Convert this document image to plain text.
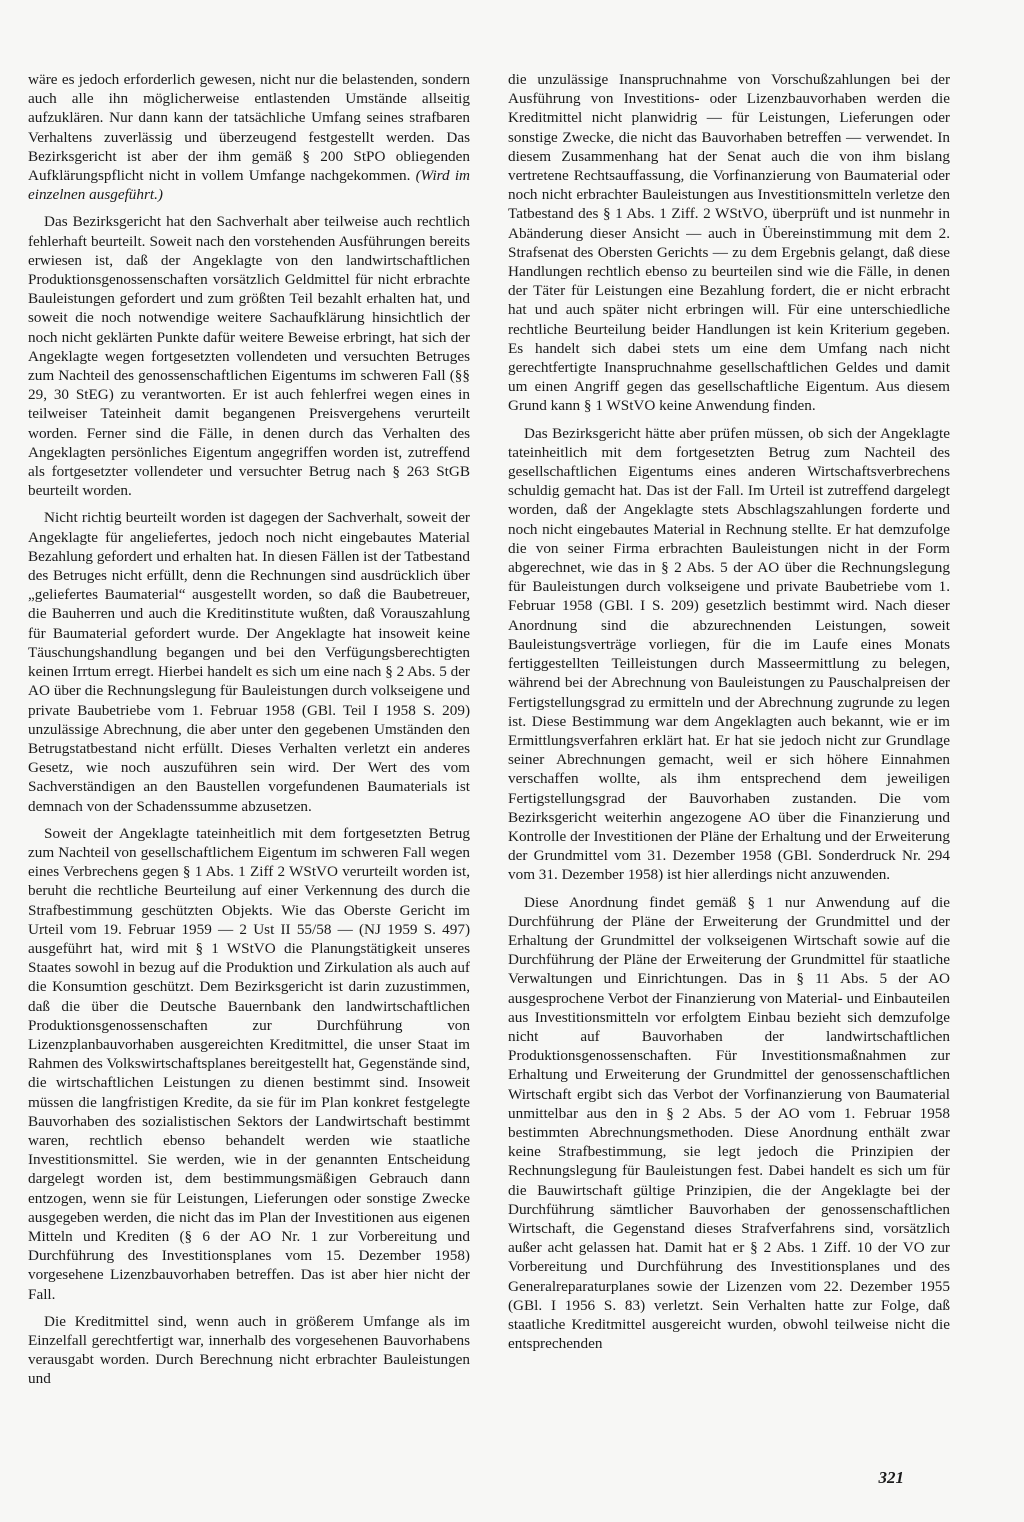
wäre es jedoch erforderlich gewesen, nicht nur die belastenden, sondern auch alle ihn möglicherweise entlastenden Umstände allseitig aufzuklären. Nur dann kann der tatsächliche Umfang seines strafbaren Verhaltens zuverlässig und überzeugend festgestellt werden. Das Bezirksgericht ist aber der ihm gemäß § 200 StPO obliegenden Aufklärungspflicht nicht in vollem Umfange nachgekommen. (Wird im einzelnen ausgeführt.)

Das Bezirksgericht hat den Sachverhalt aber teilweise auch rechtlich fehlerhaft beurteilt. Soweit nach den vorstehenden Ausführungen bereits erwiesen ist, daß der Angeklagte von den landwirtschaftlichen Produktionsgenossenschaften vorsätzlich Geldmittel für nicht erbrachte Bauleistungen gefordert und zum größten Teil bezahlt erhalten hat, und soweit die noch notwendige weitere Sachaufklärung hinsichtlich der noch nicht geklärten Punkte dafür weitere Beweise erbringt, hat sich der Angeklagte wegen fortgesetzten vollendeten und versuchten Betruges zum Nachteil des genossenschaftlichen Eigentums im schweren Fall (§§ 29, 30 StEG) zu verantworten. Er ist auch fehlerfrei wegen eines in teilweiser Tateinheit damit begangenen Preisvergehens verurteilt worden. Ferner sind die Fälle, in denen durch das Verhalten des Angeklagten persönliches Eigentum angegriffen worden ist, zutreffend als fortgesetzter vollendeter und versuchter Betrug nach § 263 StGB beurteilt worden.

Nicht richtig beurteilt worden ist dagegen der Sachverhalt, soweit der Angeklagte für angeliefertes, jedoch noch nicht eingebautes Material Bezahlung gefordert und erhalten hat. In diesen Fällen ist der Tatbestand des Betruges nicht erfüllt, denn die Rechnungen sind ausdrücklich über „geliefertes Baumaterial“ ausgestellt worden, so daß die Baubetreuer, die Bauherren und auch die Kreditinstitute wußten, daß Vorauszahlung für Baumaterial gefordert wurde. Der Angeklagte hat insoweit keine Täuschungshandlung begangen und bei den Verfügungsberechtigten keinen Irrtum erregt. Hierbei handelt es sich um eine nach § 2 Abs. 5 der AO über die Rechnungslegung für Bauleistungen durch volkseigene und private Baubetriebe vom 1. Februar 1958 (GBl. Teil I 1958 S. 209) unzulässige Abrechnung, die aber unter den gegebenen Umständen den Betrugstatbestand nicht erfüllt. Dieses Verhalten verletzt ein anderes Gesetz, wie noch auszuführen sein wird. Der Wert des vom Sachverständigen an den Baustellen vorgefundenen Baumaterials ist demnach von der Schadenssumme abzusetzen.

Soweit der Angeklagte tateinheitlich mit dem fortgesetzten Betrug zum Nachteil von gesellschaftlichem Eigentum im schweren Fall wegen eines Verbrechens gegen § 1 Abs. 1 Ziff 2 WStVO verurteilt worden ist, beruht die rechtliche Beurteilung auf einer Verkennung des durch die Strafbestimmung geschützten Objekts. Wie das Oberste Gericht im Urteil vom 19. Februar 1959 — 2 Ust II 55/58 — (NJ 1959 S. 497) ausgeführt hat, wird mit § 1 WStVO die Planungstätigkeit unseres Staates sowohl in bezug auf die Produktion und Zirkulation als auch auf die Konsumtion geschützt. Dem Bezirksgericht ist darin zuzustimmen, daß die über die Deutsche Bauernbank den landwirtschaftlichen Produktionsgenossenschaften zur Durchführung von Lizenzplanbauvorhaben ausgereichten Kreditmittel, die unser Staat im Rahmen des Volkswirtschaftsplanes bereitgestellt hat, Gegenstände sind, die wirtschaftlichen Leistungen zu dienen bestimmt sind. Insoweit müssen die langfristigen Kredite, da sie für im Plan konkret festgelegte Bauvorhaben des sozialistischen Sektors der Landwirtschaft bestimmt waren, rechtlich ebenso behandelt werden wie staatliche Investitionsmittel. Sie werden, wie in der genannten Entscheidung dargelegt worden ist, dem bestimmungsmäßigen Gebrauch dann entzogen, wenn sie für Leistungen, Lieferungen oder sonstige Zwecke ausgegeben werden, die nicht das im Plan der Investitionen aus eigenen Mitteln und Krediten (§ 6 der AO Nr. 1 zur Vorbereitung und Durchführung des Investitionsplanes vom 15. Dezember 1958) vorgesehene Lizenzbauvorhaben betreffen. Das ist aber hier nicht der Fall.

Die Kreditmittel sind, wenn auch in größerem Umfange als im Einzelfall gerechtfertigt war, innerhalb des vorgesehenen Bauvorhabens verausgabt worden. Durch Berechnung nicht erbrachter Bauleistungen und

die unzulässige Inanspruchnahme von Vorschußzahlungen bei der Ausführung von Investitions- oder Lizenzbauvorhaben werden die Kreditmittel nicht planwidrig — für Leistungen, Lieferungen oder sonstige Zwecke, die nicht das Bauvorhaben betreffen — verwendet. In diesem Zusammenhang hat der Senat auch die von ihm bislang vertretene Rechtsauffassung, die Vorfinanzierung von Baumaterial oder noch nicht erbrachter Bauleistungen aus Investitionsmitteln verletze den Tatbestand des § 1 Abs. 1 Ziff. 2 WStVO, überprüft und ist nunmehr in Abänderung dieser Ansicht — auch in Übereinstimmung mit dem 2. Strafsenat des Obersten Gerichts — zu dem Ergebnis gelangt, daß diese Handlungen rechtlich ebenso zu beurteilen sind wie die Fälle, in denen der Täter für Leistungen eine Bezahlung fordert, die er nicht erbracht hat und auch später nicht erbringen will. Für eine unterschiedliche rechtliche Beurteilung beider Handlungen ist kein Kriterium gegeben. Es handelt sich dabei stets um eine dem Umfang nach nicht gerechtfertigte Inanspruchnahme gesellschaftlichen Geldes und damit um einen Angriff gegen das gesellschaftliche Eigentum. Aus diesem Grund kann § 1 WStVO keine Anwendung finden.

Das Bezirksgericht hätte aber prüfen müssen, ob sich der Angeklagte tateinheitlich mit dem fortgesetzten Betrug zum Nachteil des gesellschaftlichen Eigentums eines anderen Wirtschaftsverbrechens schuldig gemacht hat. Das ist der Fall. Im Urteil ist zutreffend dargelegt worden, daß der Angeklagte stets Abschlagszahlungen forderte und noch nicht eingebautes Material in Rechnung stellte. Er hat demzufolge die von seiner Firma erbrachten Bauleistungen nicht in der Form abgerechnet, wie das in § 2 Abs. 5 der AO über die Rechnungslegung für Bauleistungen durch volkseigene und private Baubetriebe vom 1. Februar 1958 (GBl. I S. 209) gesetzlich bestimmt wird. Nach dieser Anordnung sind die abzurechnenden Leistungen, soweit Bauleistungsverträge vorliegen, für die im Laufe eines Monats fertiggestellten Teilleistungen durch Masseermittlung zu belegen, während bei der Abrechnung von Bauleistungen zu Pauschalpreisen der Fertigstellungsgrad zu ermitteln und der Abrechnung zugrunde zu legen ist. Diese Bestimmung war dem Angeklagten auch bekannt, wie er im Ermittlungsverfahren erklärt hat. Er hat sie jedoch nicht zur Grundlage seiner Abrechnungen gemacht, weil er sich höhere Einnahmen verschaffen wollte, als ihm entsprechend dem jeweiligen Fertigstellungsgrad der Bauvorhaben zustanden. Die vom Bezirksgericht weiterhin angezogene AO über die Finanzierung und Kontrolle der Investitionen der Pläne der Erhaltung und der Erweiterung der Grundmittel vom 31. Dezember 1958 (GBl. Sonderdruck Nr. 294 vom 31. Dezember 1958) ist hier allerdings nicht anzuwenden.

Diese Anordnung findet gemäß § 1 nur Anwendung auf die Durchführung der Pläne der Erweiterung der Grundmittel und der Erhaltung der Grundmittel der volkseigenen Wirtschaft sowie auf die Durchführung der Pläne der Erweiterung der Grundmittel für staatliche Verwaltungen und Einrichtungen. Das in § 11 Abs. 5 der AO ausgesprochene Verbot der Finanzierung von Material- und Einbauteilen aus Investitionsmitteln vor erfolgtem Einbau bezieht sich demzufolge nicht auf Bauvorhaben der landwirtschaftlichen Produktionsgenossenschaften. Für Investitionsmaßnahmen zur Erhaltung und Erweiterung der Grundmittel der genossenschaftlichen Wirtschaft ergibt sich das Verbot der Vorfinanzierung von Baumaterial unmittelbar aus den in § 2 Abs. 5 der AO vom 1. Februar 1958 bestimmten Abrechnungsmethoden. Diese Anordnung enthält zwar keine Strafbestimmung, sie legt jedoch die Prinzipien der Rechnungslegung für Bauleistungen fest. Dabei handelt es sich um für die Bauwirtschaft gültige Prinzipien, die der Angeklagte bei der Durchführung sämtlicher Bauvorhaben der genossenschaftlichen Wirtschaft, die Gegenstand dieses Strafverfahrens sind, vorsätzlich außer acht gelassen hat. Damit hat er § 2 Abs. 1 Ziff. 10 der VO zur Vorbereitung und Durchführung des Investitionsplanes und des Generalreparaturplanes sowie der Lizenzen vom 22. Dezember 1955 (GBl. I 1956 S. 83) verletzt. Sein Verhalten hatte zur Folge, daß staatliche Kreditmittel ausgereicht wurden, obwohl teilweise nicht die entsprechenden

321
